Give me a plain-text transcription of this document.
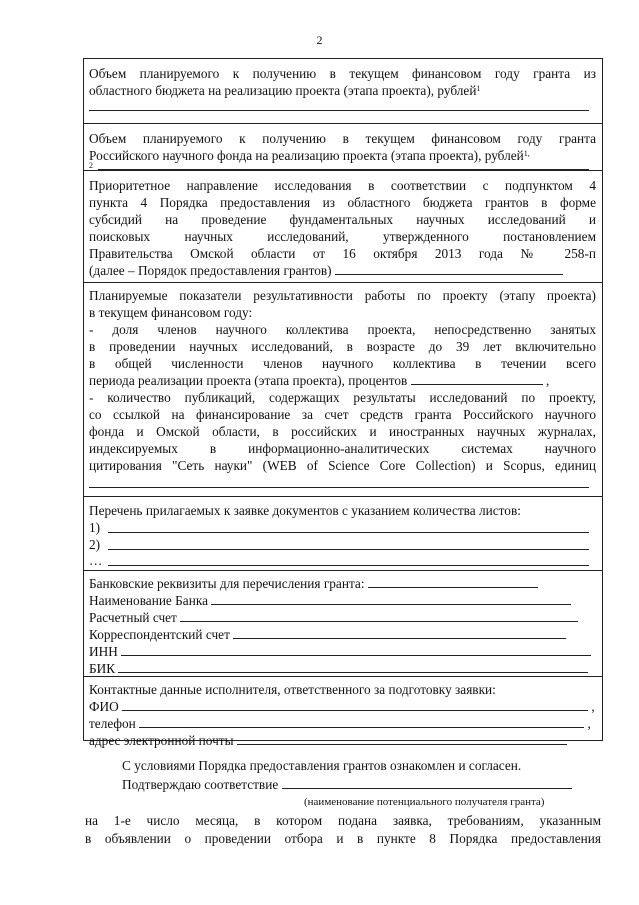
2
Объем планируемого к получению в текущем финансовом году гранта из
областного бюджета на реализацию проекта (этапа проекта), рублей$^1$
Объем планируемого к получению в текущем финансовом году гранта
Российского научного фонда на реализацию проекта (этапа проекта), рублей$^{1,}$
2
Приоритетное направление исследования в соответствии с подпунктом 4
пункта 4 Порядка предоставления из областного бюджета грантов в форме
субсидий на проведение фундаментальных научных исследований и
поисковых научных исследований, утвержденного постановлением
Правительства Омской области от 16 октября 2013 года № 258-п
(далее – Порядок предоставления грантов)
Планируемые показатели результативности работы по проекту (этапу проекта)
в текущем финансовом году:
- доля членов научного коллектива проекта, непосредственно занятых
в проведении научных исследований, в возрасте до 39 лет включительно
в общей численности членов научного коллектива в течении всего
периода реализации проекта (этапа проекта), процентов	,
- количество публикаций, содержащих результаты исследований по проекту,
со ссылкой на финансирование за счет средств гранта Российского научного
фонда и Омской области, в российских и иностранных научных журналах,
индексируемых в информационно-аналитических системах научного
цитирования "Сеть науки" (WEB of Science Core Collection) и Scopus, единиц
Перечень прилагаемых к заявке документов с указанием количества листов:
1)
2)
…
Банковские реквизиты для перечисления гранта:
Наименование Банка
Расчетный счет
Корреспондентский счет
ИНН
БИК
Контактные данные исполнителя, ответственного за подготовку заявки:
ФИО	,
телефон	,
адрес электронной почты
С условиями Порядка предоставления грантов ознакомлен и согласен.
Подтверждаю соответствие
(наименование потенциального получателя гранта)
на 1-е число месяца, в котором подана заявка, требованиям, указанным
в объявлении о проведении отбора и в пункте 8 Порядка предоставления
